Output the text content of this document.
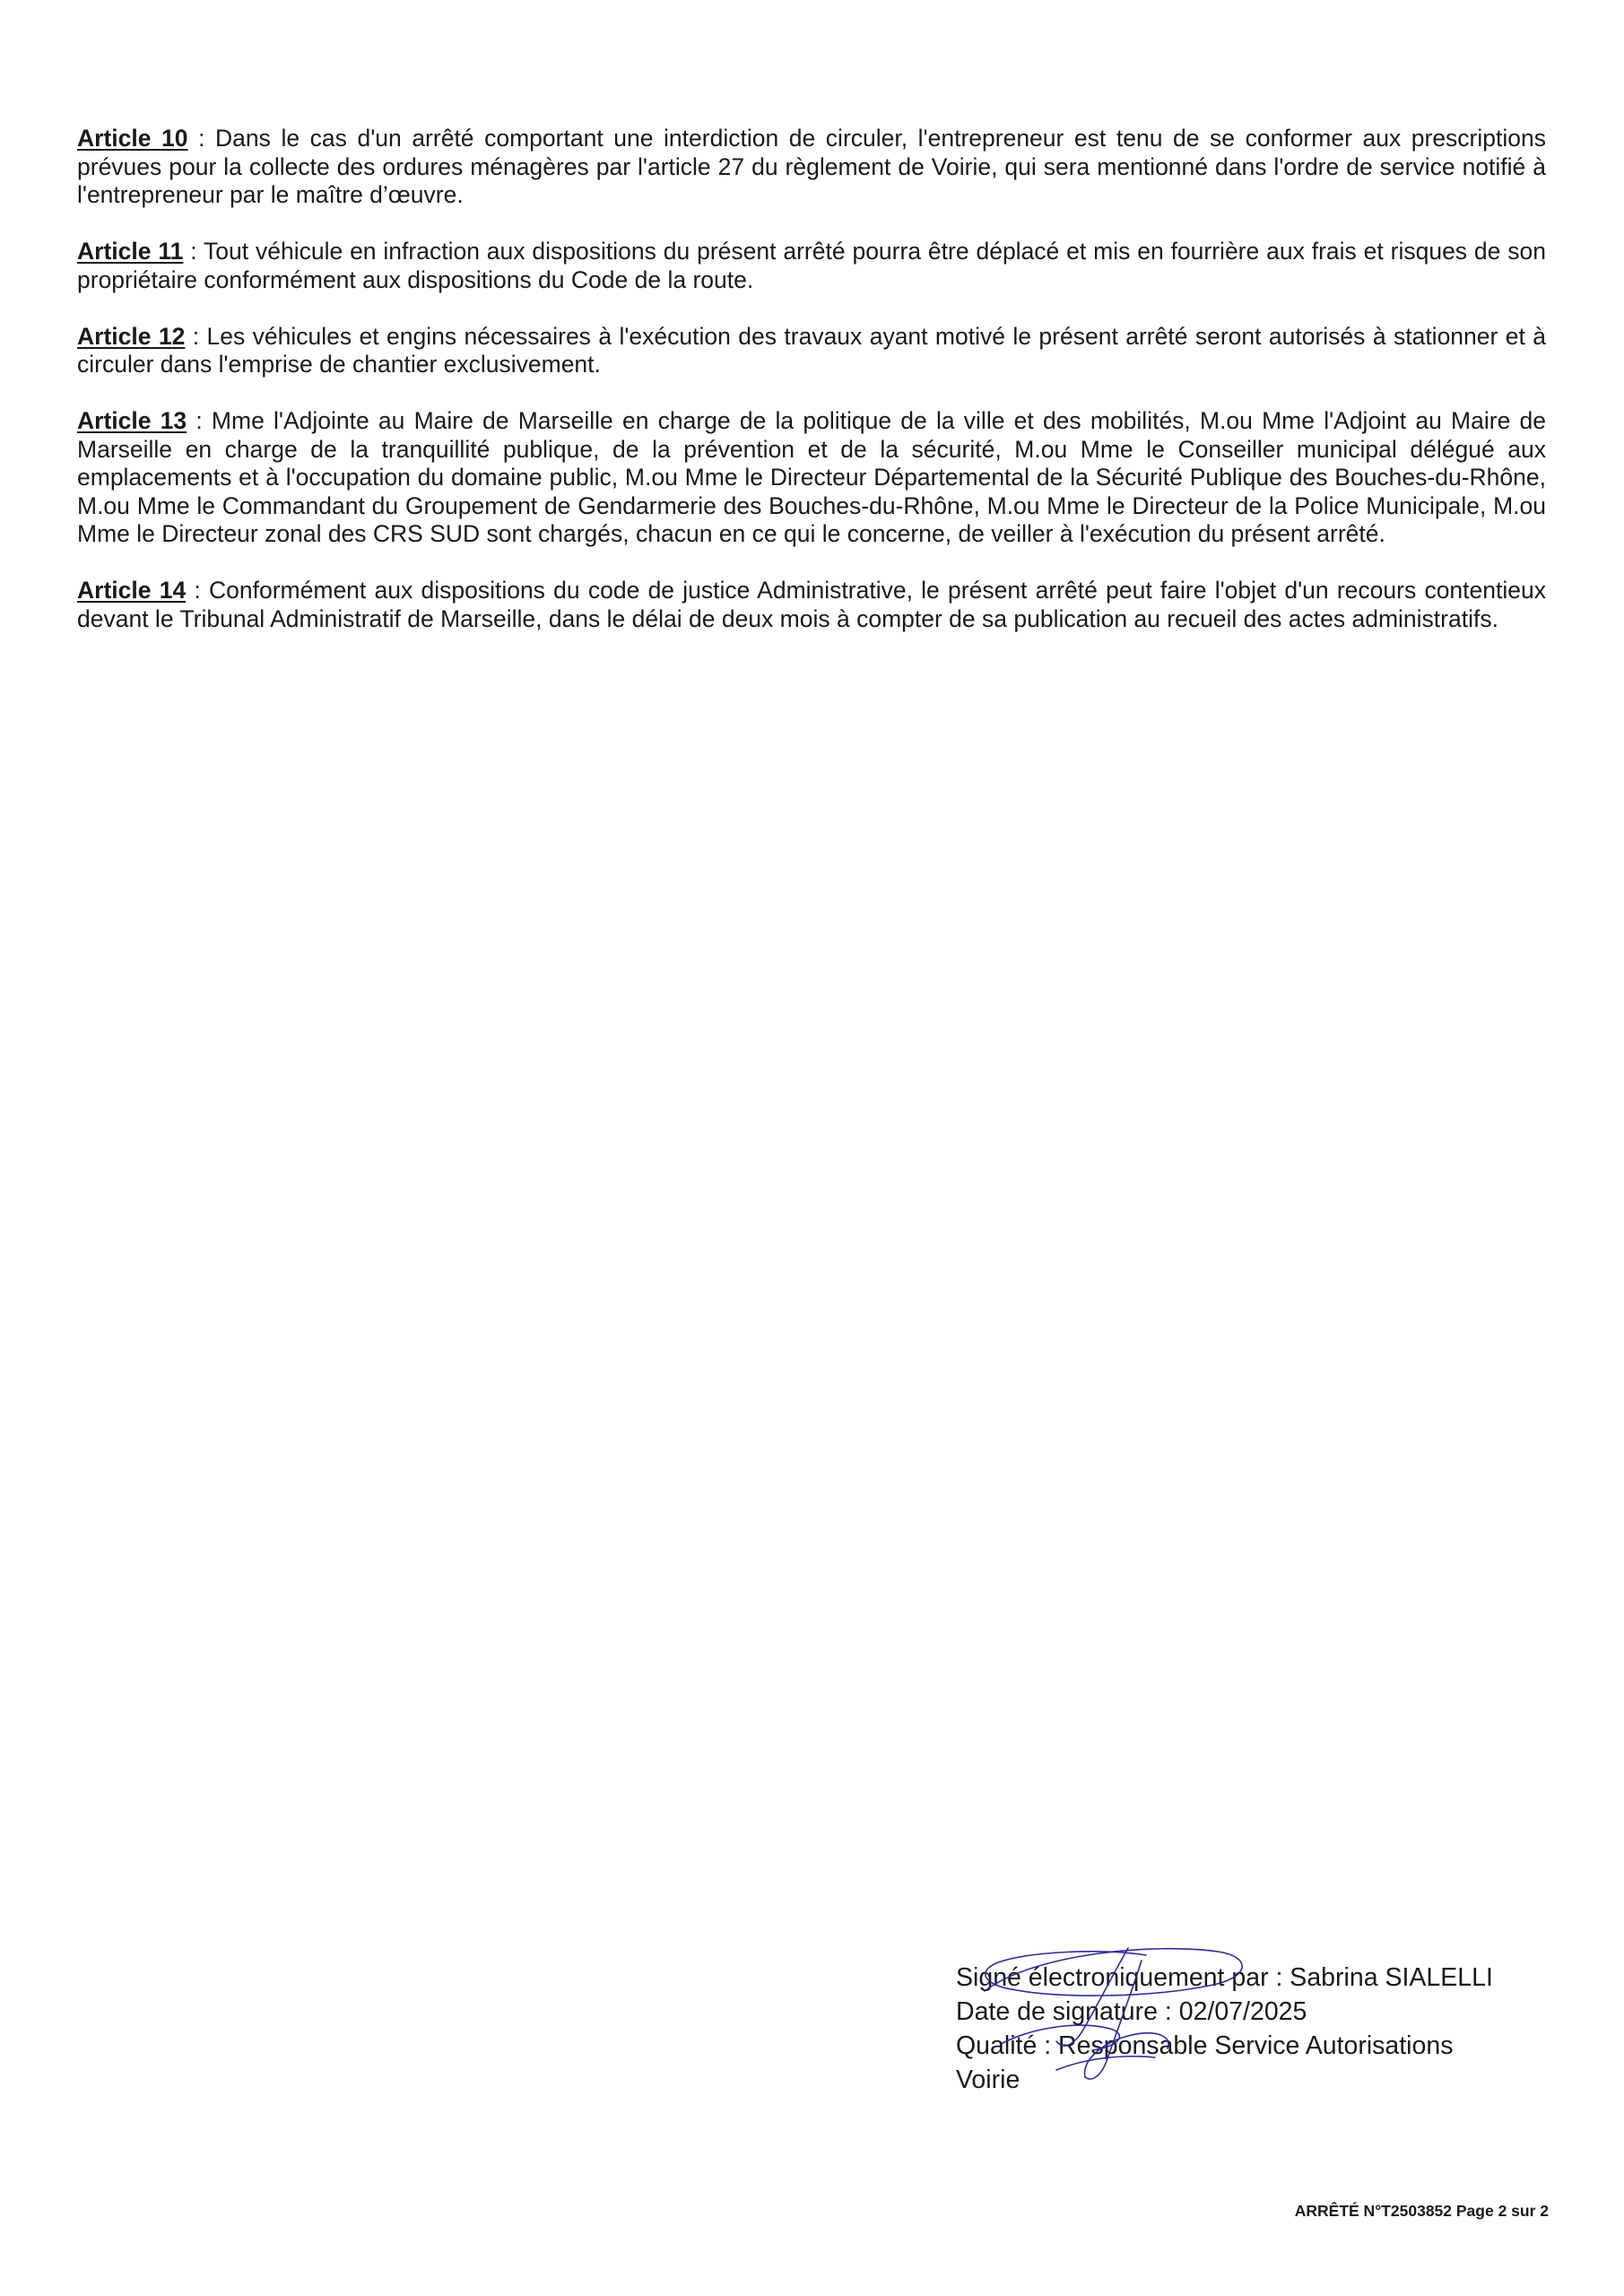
Article 10 : Dans le cas d'un arrêté comportant une interdiction de circuler, l'entrepreneur est tenu de se conformer aux prescriptions prévues pour la collecte des ordures ménagères par l'article 27 du règlement de Voirie, qui sera mentionné dans l'ordre de service notifié à l'entrepreneur par le maître d’œuvre.

Article 11 : Tout véhicule en infraction aux dispositions du présent arrêté pourra être déplacé et mis en fourrière aux frais et risques de son propriétaire conformément aux dispositions du Code de la route.

Article 12 : Les véhicules et engins nécessaires à l'exécution des travaux ayant motivé le présent arrêté seront autorisés à stationner et à circuler dans l'emprise de chantier exclusivement.

Article 13 : Mme l'Adjointe au Maire de Marseille en charge de la politique de la ville et des mobilités, M.ou Mme l'Adjoint au Maire de Marseille en charge de la tranquillité publique, de la prévention et de la sécurité, M.ou Mme le Conseiller municipal délégué aux emplacements et à l'occupation du domaine public, M.ou Mme le Directeur Départemental de la Sécurité Publique des Bouches-du-Rhône, M.ou Mme le Commandant du Groupement de Gendarmerie des Bouches-du-Rhône, M.ou Mme le Directeur de la Police Municipale, M.ou Mme le Directeur zonal des CRS SUD sont chargés, chacun en ce qui le concerne, de veiller à l'exécution du présent arrêté.

Article 14 : Conformément aux dispositions du code de justice Administrative, le présent arrêté peut faire l'objet d'un recours contentieux devant le Tribunal Administratif de Marseille, dans le délai de deux mois à compter de sa publication au recueil des actes administratifs.

Signé électroniquement par : Sabrina SIALELLI
Date de signature : 02/07/2025
Qualité : Responsable Service Autorisations
Voirie
ARRÊTÉ N°T2503852 Page 2 sur 2
